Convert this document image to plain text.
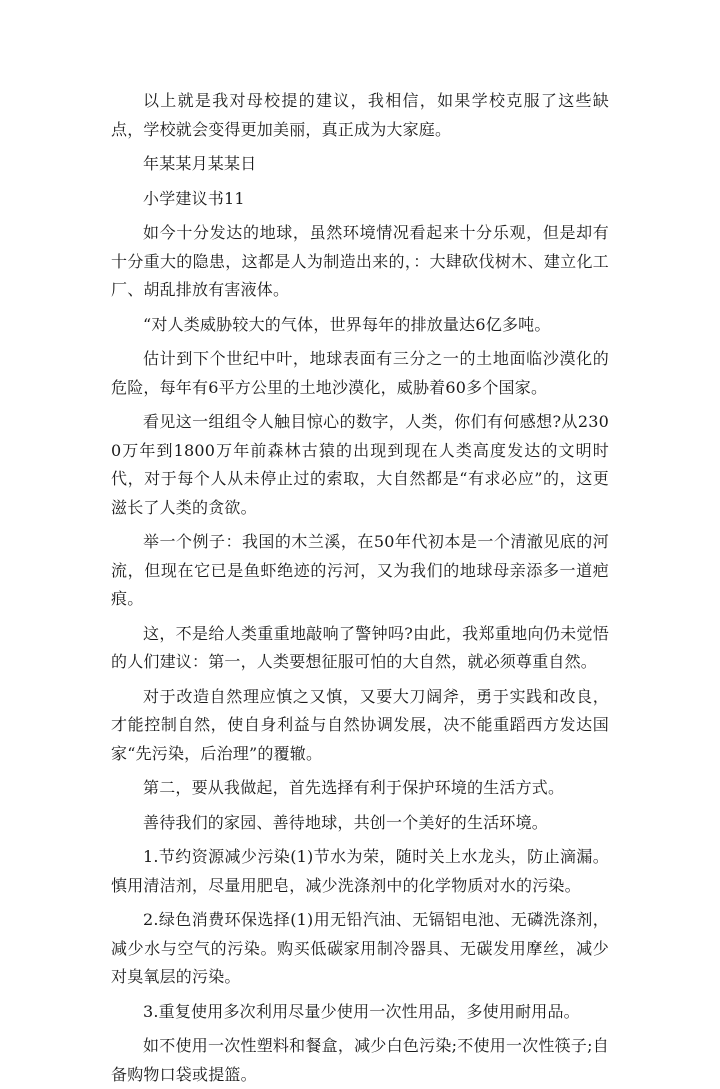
以上就是我对母校提的建议，我相信，如果学校克服了这些缺点，学校就会变得更加美丽，真正成为大家庭。

年某某月某某日

小学建议书11

如今十分发达的地球，虽然环境情况看起来十分乐观，但是却有十分重大的隐患，这都是人为制造出来的，：大肆砍伐树木、建立化工厂、胡乱排放有害液体。

“对人类威胁较大的气体，世界每年的排放量达6亿多吨。

估计到下个世纪中叶，地球表面有三分之一的土地面临沙漠化的危险，每年有6平方公里的土地沙漠化，威胁着60多个国家。

看见这一组组令人触目惊心的数字，人类，你们有何感想?从2300万年到1800万年前森林古猿的出现到现在人类高度发达的文明时代，对于每个人从未停止过的索取，大自然都是“有求必应”的，这更滋长了人类的贪欲。

举一个例子：我国的木兰溪，在50年代初本是一个清澈见底的河流，但现在它已是鱼虾绝迹的污河，又为我们的地球母亲添多一道疤痕。

这，不是给人类重重地敲响了警钟吗?由此，我郑重地向仍未觉悟的人们建议：第一，人类要想征服可怕的大自然，就必须尊重自然。

对于改造自然理应慎之又慎，又要大刀阔斧，勇于实践和改良，才能控制自然，使自身利益与自然协调发展，决不能重蹈西方发达国家“先污染，后治理”的覆辙。

第二，要从我做起，首先选择有利于保护环境的生活方式。

善待我们的家园、善待地球，共创一个美好的生活环境。

1.节约资源减少污染(1)节水为荣，随时关上水龙头，防止滴漏。慎用清洁剂，尽量用肥皂，减少洗涤剂中的化学物质对水的污染。

2.绿色消费环保选择(1)用无铅汽油、无镉铝电池、无磷洗涤剂，减少水与空气的污染。购买低碳家用制冷器具、无碳发用摩丝，减少对臭氧层的污染。

3.重复使用多次利用尽量少使用一次性用品，多使用耐用品。

如不使用一次性塑料和餐盒，减少白色污染;不使用一次性筷子;自备购物口袋或提篮。
